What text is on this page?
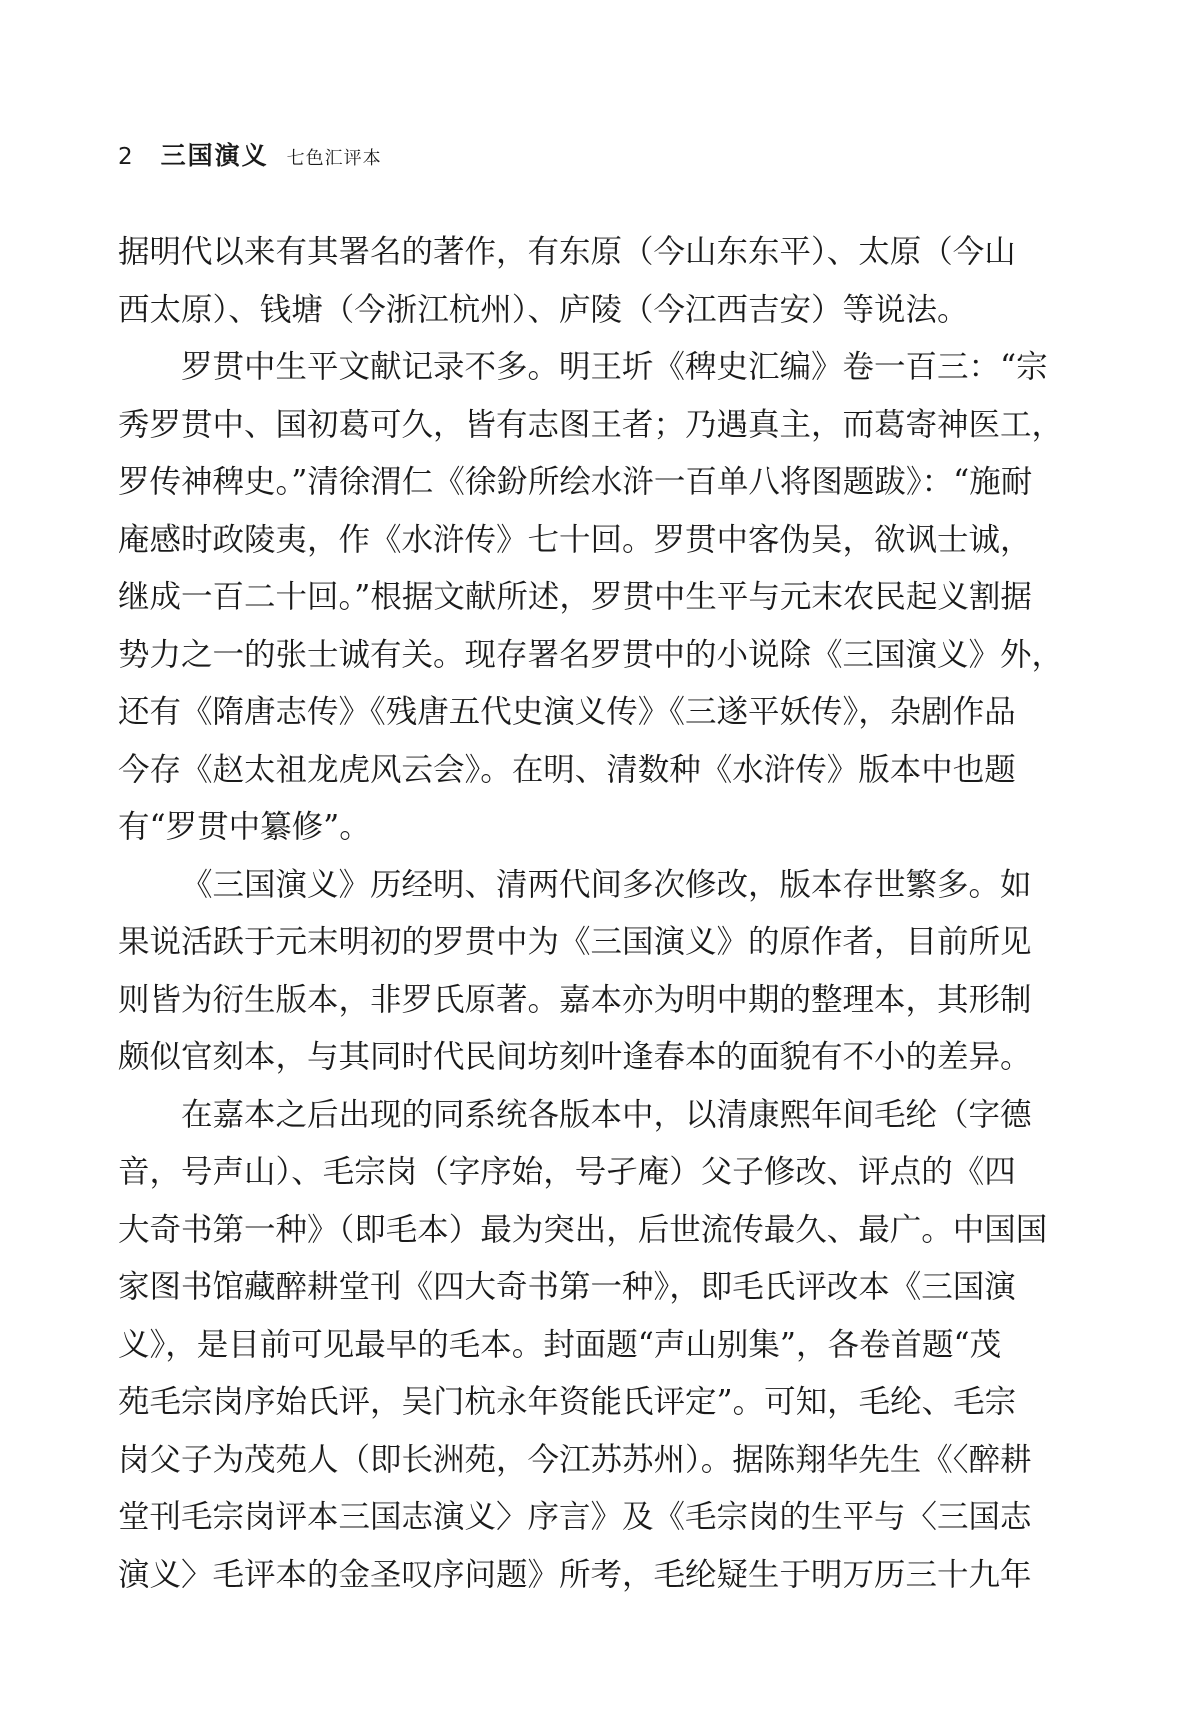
2 三国演义 七色汇评本
据明代以来有其署名的著作，有东原（今山东东平）、太原（今山
西太原）、钱塘（今浙江杭州）、庐陵（今江西吉安）等说法。
罗贯中生平文献记录不多。明王圻《稗史汇编》卷一百三：“宗
秀罗贯中、国初葛可久，皆有志图王者；乃遇真主，而葛寄神医工，
罗传神稗史。”清徐渭仁《徐鈖所绘水浒一百单八将图题跋》：“施耐
庵感时政陵夷，作《水浒传》七十回。罗贯中客伪吴，欲讽士诚，
继成一百二十回。”根据文献所述，罗贯中生平与元末农民起义割据
势力之一的张士诚有关。现存署名罗贯中的小说除《三国演义》外，
还有《隋唐志传》《残唐五代史演义传》《三遂平妖传》，杂剧作品
今存《赵太祖龙虎风云会》。在明、清数种《水浒传》版本中也题
有“罗贯中纂修”。
《三国演义》历经明、清两代间多次修改，版本存世繁多。如
果说活跃于元末明初的罗贯中为《三国演义》的原作者，目前所见
则皆为衍生版本，非罗氏原著。嘉本亦为明中期的整理本，其形制
颇似官刻本，与其同时代民间坊刻叶逢春本的面貌有不小的差异。
在嘉本之后出现的同系统各版本中，以清康熙年间毛纶（字德
音，号声山）、毛宗岗（字序始，号孑庵）父子修改、评点的《四
大奇书第一种》（即毛本）最为突出，后世流传最久、最广。中国国
家图书馆藏醉耕堂刊《四大奇书第一种》，即毛氏评改本《三国演
义》，是目前可见最早的毛本。封面题“声山别集”，各卷首题“茂
苑毛宗岗序始氏评，吴门杭永年资能氏评定”。可知，毛纶、毛宗
岗父子为茂苑人（即长洲苑，今江苏苏州）。据陈翔华先生《〈醉耕
堂刊毛宗岗评本三国志演义〉序言》及《毛宗岗的生平与〈三国志
演义〉毛评本的金圣叹序问题》所考，毛纶疑生于明万历三十九年
